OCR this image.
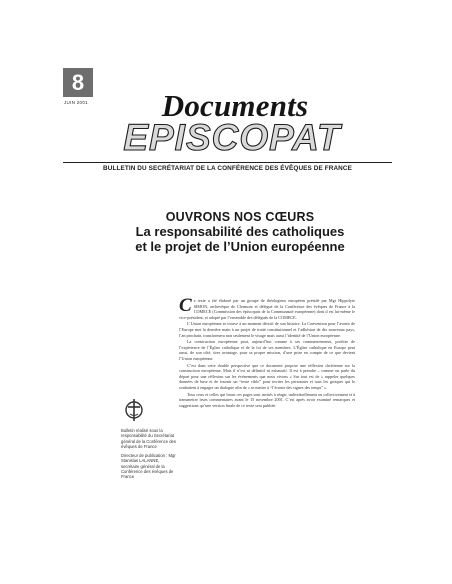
8
JUIN 2001	Documents
EPISCOPAT
BULLETIN DU SECRÉTARIAT DE LA CONFÉRENCE DES ÉVÊQUES DE FRANCE
OUVRONS NOS CŒURS
La responsabilité des catholiques
et le projet de l’Union européenne

Bulletin réalisé sous la responsabilité du Secrétariat général de la Conférence des évêques de France

Directeur de publication : Mgr Stanislas LALANNE, secrétaire général de la Conférence des évêques de France

Ce texte a été élaboré par un groupe de théologiens européens présidé par Mgr Hippolyte SIMON, archevêque de Clermont et délégué de la Conférence des évêques de France à la COMECE (Commission des épiscopats de la Communauté européenne) dont il est lui-même le vice-président, et adopté par l’ensemble des délégués de la COMECE.

L’Union européenne se trouve à un moment décisif de son histoire. La Convention pour l’avenir de l’Europe met la dernière main à un projet de traité constitutionnel et l’adhésion de dix nouveaux pays, l’an prochain, transformera non seulement le visage mais aussi l’identité de l’Union européenne.

La construction européenne peut, aujourd’hui comme à ses commencements, profiter de l’expérience de l’Église catholique et de la foi de ses membres. L’Église catholique en Europe peut aussi, de son côté, tirer avantage, pour sa propre mission, d’une prise en compte de ce que devient l’Union européenne.

C’est dans cette double perspective que ce document propose une réflexion chrétienne sur la construction européenne. Mais il n’est ni définitif ni exhaustif. Il est à prendre – comme on parle du départ pour une réflexion sur les événements que nous vivons « Sur tout est de « rappeler quelques données de base et de fournir un “texte cible” pour inviter les personnes et tous les groupes qui le souhaitent à engager un dialogue afin de « se mettre à “l’écoute des signes des temps” ».

Tous ceux et celles qui liront ces pages sont invités à réagir, individuellement ou collectivement et à transmettre leurs commentaires avant le 15 novembre 2001. C’est après avoir examiné remarques et suggestions qu’une version finale de ce texte sera publiée.
